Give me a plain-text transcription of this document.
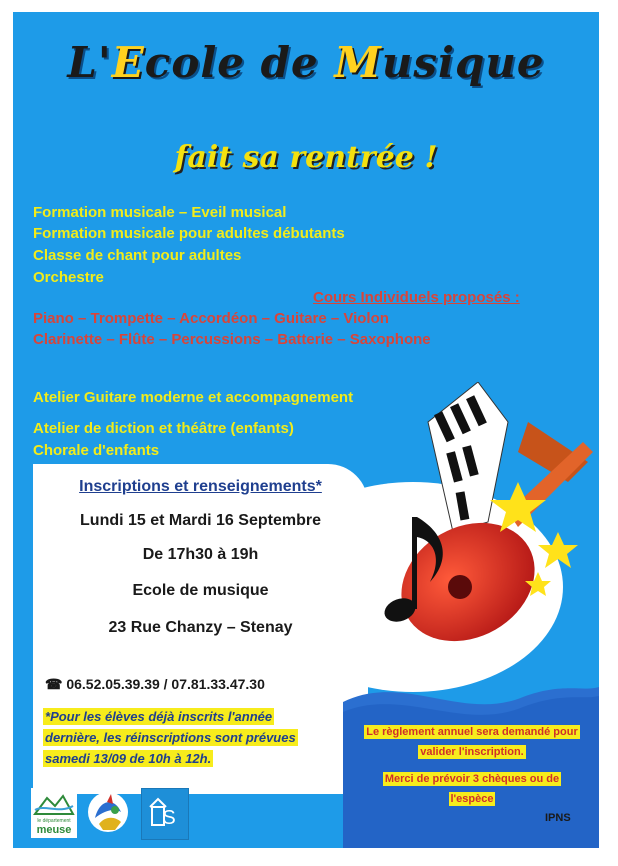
L'Ecole de Musique
fait sa rentrée !
Formation musicale – Eveil musical
Formation musicale pour adultes débutants
Classe de chant pour adultes
Orchestre
Cours Individuels proposés :
Piano – Trompette – Accordéon – Guitare – Violon
Clarinette – Flûte – Percussions – Batterie – Saxophone
Atelier Guitare moderne et accompagnement
Atelier de diction et théâtre (enfants)
Chorale d'enfants
Inscriptions et renseignements*
Lundi 15 et Mardi 16 Septembre
De 17h30 à 19h
Ecole de musique
23 Rue Chanzy – Stenay
☎ 06.52.05.39.39 / 07.81.33.47.30
*Pour les élèves déjà inscrits l'année
dernière, les réinscriptions sont prévues
samedi 13/09 de 10h à 12h.
Le règlement annuel sera demandé pour
valider l'inscription.
Merci de prévoir 3 chèques ou de
l'espèce
IPNS
le département
meuse
S
